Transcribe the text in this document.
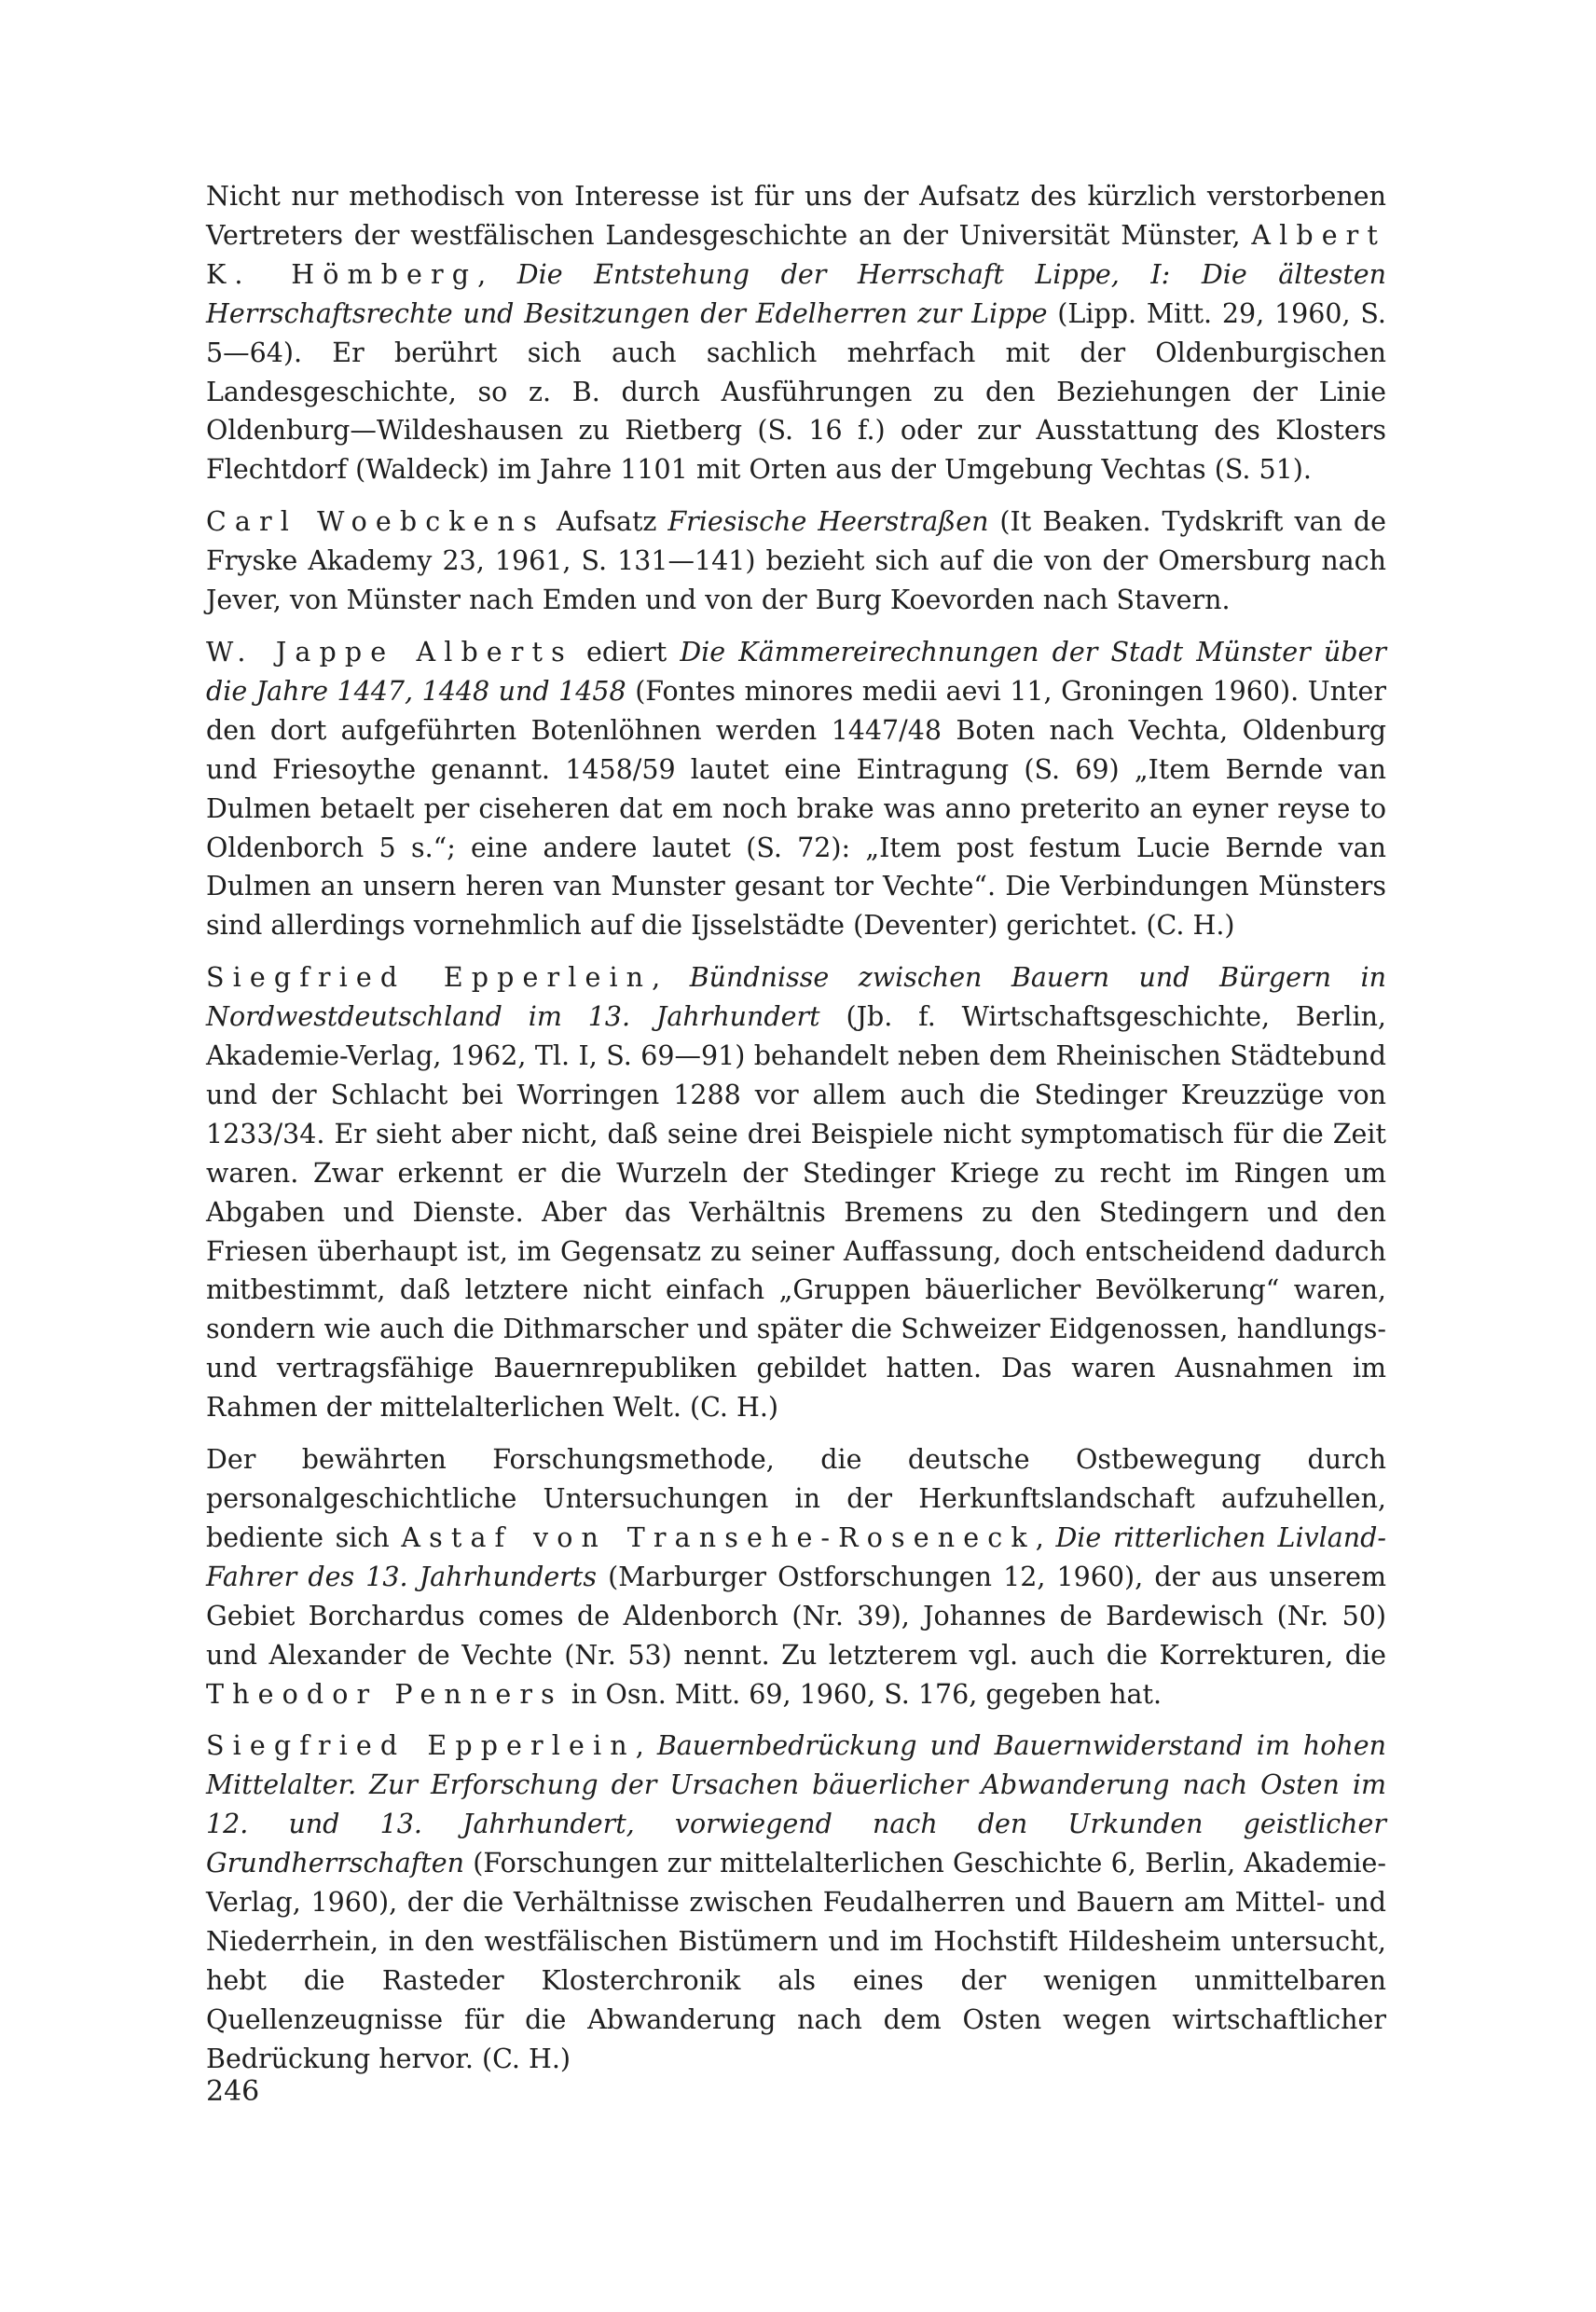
Nicht nur methodisch von Interesse ist für uns der Aufsatz des kürzlich verstorbenen Vertreters der westfälischen Landesgeschichte an der Universität Münster, Albert K. Hömberg, Die Entstehung der Herrschaft Lippe, I: Die ältesten Herrschaftsrechte und Besitzungen der Edelherren zur Lippe (Lipp. Mitt. 29, 1960, S. 5—64). Er berührt sich auch sachlich mehrfach mit der Oldenburgischen Landesgeschichte, so z. B. durch Ausführungen zu den Beziehungen der Linie Oldenburg—Wildeshausen zu Rietberg (S. 16 f.) oder zur Ausstattung des Klosters Flechtdorf (Waldeck) im Jahre 1101 mit Orten aus der Umgebung Vechtas (S. 51).

Carl Woebckens Aufsatz Friesische Heerstraßen (It Beaken. Tydskrift van de Fryske Akademy 23, 1961, S. 131—141) bezieht sich auf die von der Omersburg nach Jever, von Münster nach Emden und von der Burg Koevorden nach Stavern.

W. Jappe Alberts ediert Die Kämmereirechnungen der Stadt Münster über die Jahre 1447, 1448 und 1458 (Fontes minores medii aevi 11, Groningen 1960). Unter den dort aufgeführten Botenlöhnen werden 1447/48 Boten nach Vechta, Oldenburg und Friesoythe genannt. 1458/59 lautet eine Eintragung (S. 69) „Item Bernde van Dulmen betaelt per ciseheren dat em noch brake was anno preterito an eyner reyse to Oldenborch 5 s.“; eine andere lautet (S. 72): „Item post festum Lucie Bernde van Dulmen an unsern heren van Munster gesant tor Vechte“. Die Verbindungen Münsters sind allerdings vornehmlich auf die Ijsselstädte (Deventer) gerichtet. (C. H.)

Siegfried Epperlein, Bündnisse zwischen Bauern und Bürgern in Nordwestdeutschland im 13. Jahrhundert (Jb. f. Wirtschaftsgeschichte, Berlin, Akademie-Verlag, 1962, Tl. I, S. 69—91) behandelt neben dem Rheinischen Städtebund und der Schlacht bei Worringen 1288 vor allem auch die Stedinger Kreuzzüge von 1233/34. Er sieht aber nicht, daß seine drei Beispiele nicht symptomatisch für die Zeit waren. Zwar erkennt er die Wurzeln der Stedinger Kriege zu recht im Ringen um Abgaben und Dienste. Aber das Verhältnis Bremens zu den Stedingern und den Friesen überhaupt ist, im Gegensatz zu seiner Auffassung, doch entscheidend dadurch mitbestimmt, daß letztere nicht einfach „Gruppen bäuerlicher Bevölkerung“ waren, sondern wie auch die Dithmarscher und später die Schweizer Eidgenossen, handlungs- und vertragsfähige Bauernrepubliken gebildet hatten. Das waren Ausnahmen im Rahmen der mittelalterlichen Welt. (C. H.)

Der bewährten Forschungsmethode, die deutsche Ostbewegung durch personalgeschichtliche Untersuchungen in der Herkunftslandschaft aufzuhellen, bediente sich Astaf von Transehe-Roseneck, Die ritterlichen Livland-Fahrer des 13. Jahrhunderts (Marburger Ostforschungen 12, 1960), der aus unserem Gebiet Borchardus comes de Aldenborch (Nr. 39), Johannes de Bardewisch (Nr. 50) und Alexander de Vechte (Nr. 53) nennt. Zu letzterem vgl. auch die Korrekturen, die Theodor Penners in Osn. Mitt. 69, 1960, S. 176, gegeben hat.

Siegfried Epperlein, Bauernbedrückung und Bauernwiderstand im hohen Mittelalter. Zur Erforschung der Ursachen bäuerlicher Abwanderung nach Osten im 12. und 13. Jahrhundert, vorwiegend nach den Urkunden geistlicher Grundherrschaften (Forschungen zur mittelalterlichen Geschichte 6, Berlin, Akademie-Verlag, 1960), der die Verhältnisse zwischen Feudalherren und Bauern am Mittel- und Niederrhein, in den westfälischen Bistümern und im Hochstift Hildesheim untersucht, hebt die Rasteder Klosterchronik als eines der wenigen unmittelbaren Quellenzeugnisse für die Abwanderung nach dem Osten wegen wirtschaftlicher Bedrückung hervor. (C. H.)

246
